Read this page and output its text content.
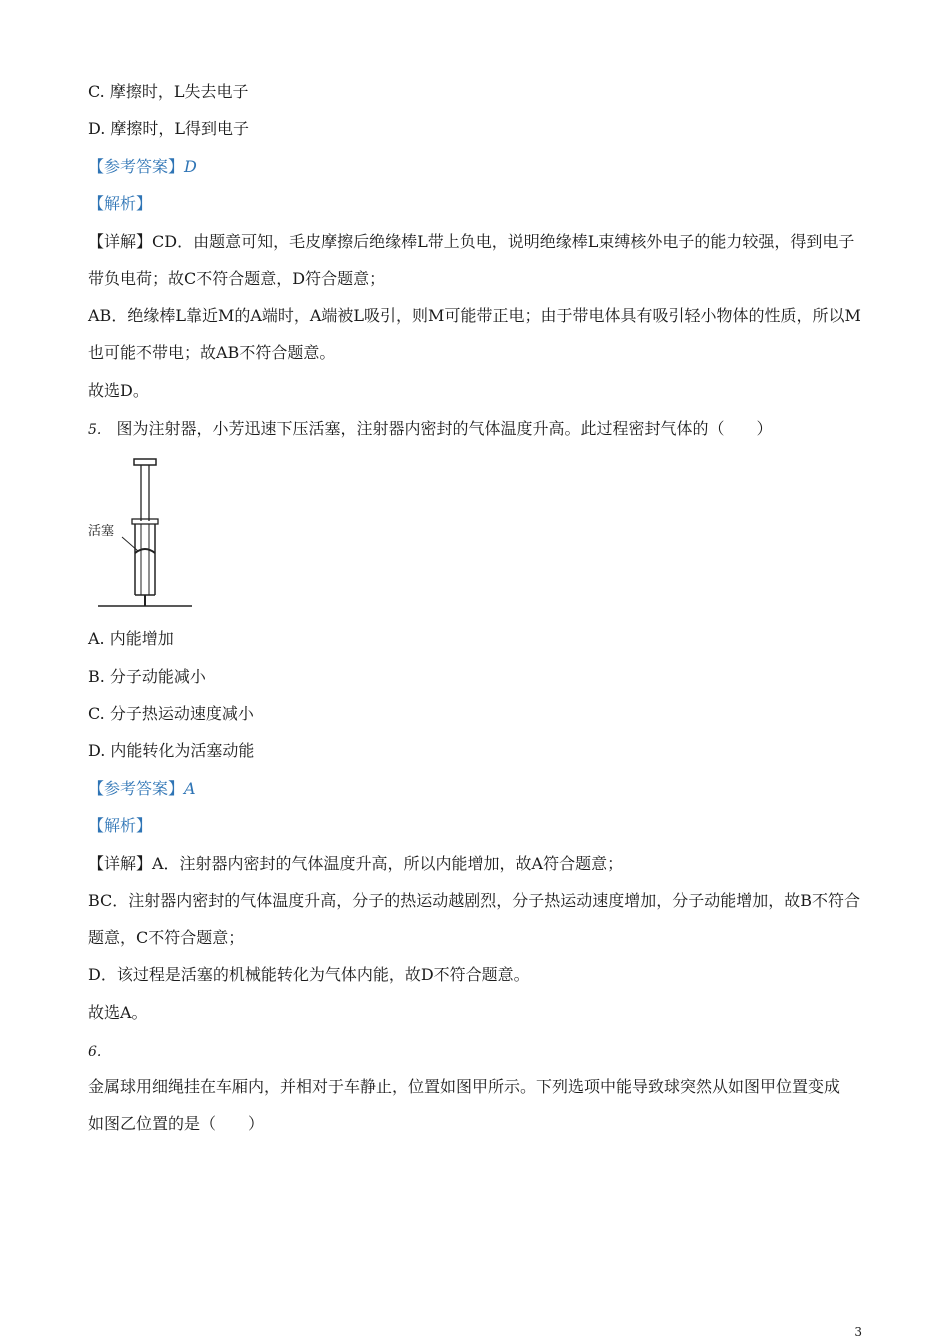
C. 摩擦时，L失去电子
D. 摩擦时，L得到电子
【参考答案】D
【解析】
【详解】CD．由题意可知，毛皮摩擦后绝缘棒L带上负电，说明绝缘棒L束缚核外电子的能力较强，得到电子
带负电荷；故C不符合题意，D符合题意；
AB．绝缘棒L靠近M的A端时，A端被L吸引，则M可能带正电；由于带电体具有吸引轻小物体的性质，所以M
也可能不带电；故AB不符合题意。
故选D。
5. 图为注射器，小芳迅速下压活塞，注射器内密封的气体温度升高。此过程密封气体的（　　）
活塞
A. 内能增加
B. 分子动能减小
C. 分子热运动速度减小
D. 内能转化为活塞动能
【参考答案】A
【解析】
【详解】A．注射器内密封的气体温度升高，所以内能增加，故A符合题意；
BC．注射器内密封的气体温度升高，分子的热运动越剧烈，分子热运动速度增加，分子动能增加，故B不符合
题意，C不符合题意；
D．该过程是活塞的机械能转化为气体内能，故D不符合题意。
故选A。
6.
金属球用细绳挂在车厢内，并相对于车静止，位置如图甲所示。下列选项中能导致球突然从如图甲位置变成
如图乙位置的是（　　）
3
